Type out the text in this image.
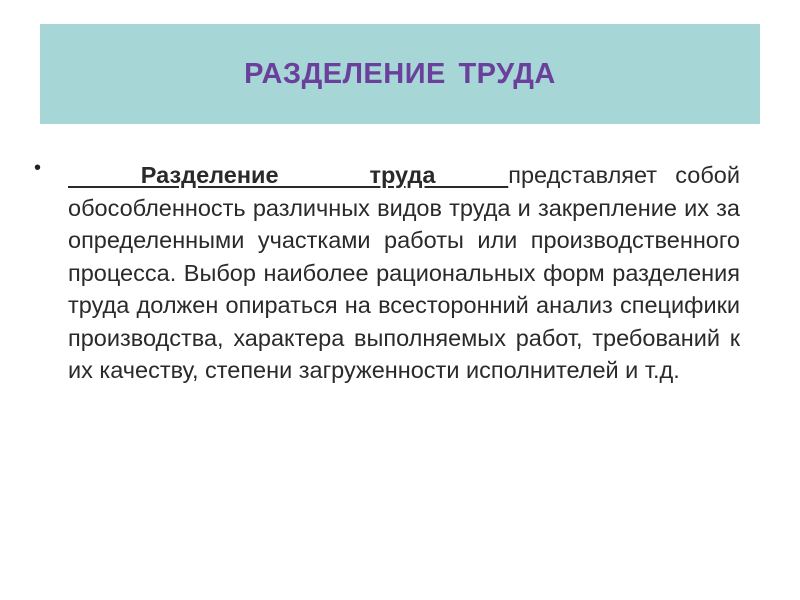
РАЗДЕЛЕНИЕ ТРУДА
• Разделение     труда    представляет собой обособленность различных видов труда и закрепление их за определенными участками работы или производственного процесса. Выбор наиболее рациональных форм разделения труда должен опираться на всесторонний анализ специфики производства, характера выполняемых работ, требований к их качеству, степени загруженности исполнителей и т.д.
